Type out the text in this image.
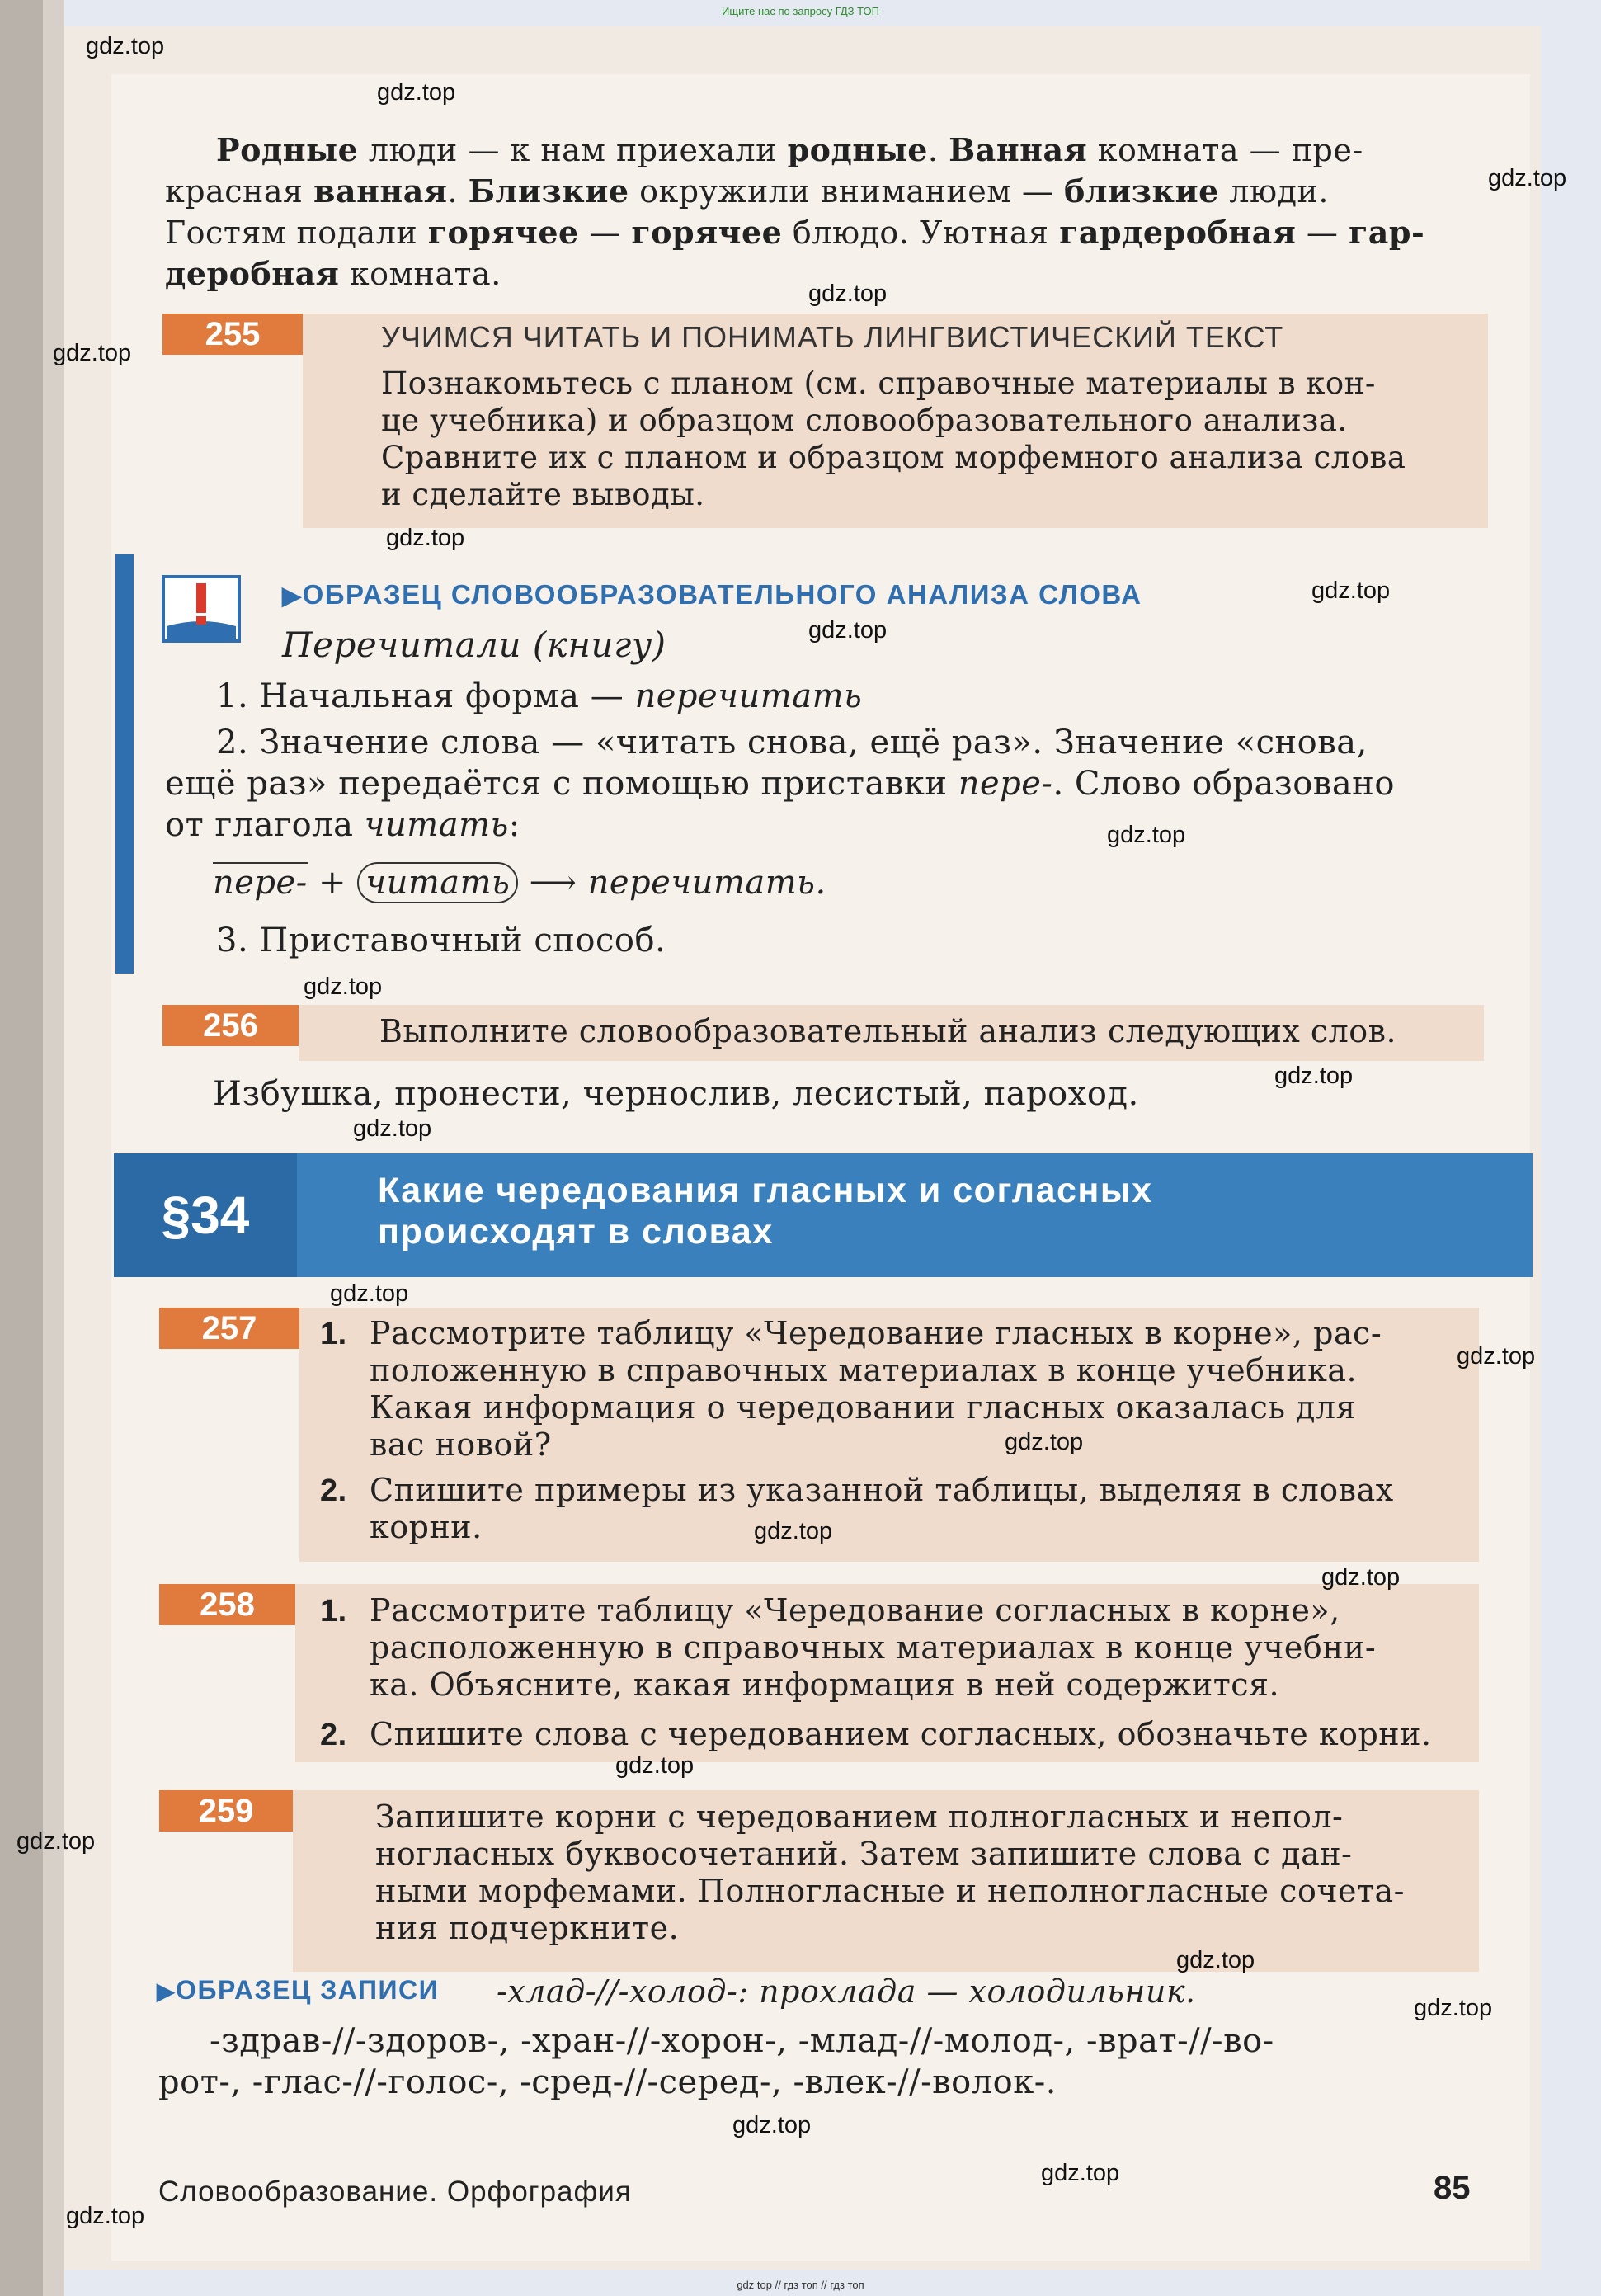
Ищите нас по запросу ГДЗ ТОП
Родные люди — к нам приехали родные. Ванная комната — пре-
красная ванная. Близкие окружили вниманием — близкие люди.
Гостям подали горячее — горячее блюдо. Уютная гардеробная — гар-
деробная комната.
255	УЧИМСЯ ЧИТАТЬ И ПОНИМАТЬ ЛИНГВИСТИЧЕСКИЙ ТЕКСТ
Познакомьтесь с планом (см. справочные материалы в кон-
це учебника) и образцом словообразовательного анализа.
Сравните их с планом и образцом морфемного анализа слова
и сделайте выводы.
▶ОБРАЗЕЦ СЛОВООБРАЗОВАТЕЛЬНОГО АНАЛИЗА СЛОВА
Перечитали (книгу)
1. Начальная форма — перечитать
2. Значение слова — «читать снова, ещё раз». Значение «снова,
ещё раз» передаётся с помощью приставки пере-. Слово образовано
от глагола читать:
пере- + читать ⟶ перечитать.
3. Приставочный способ.
256	Выполните словообразовательный анализ следующих слов.
Избушка, пронести, чернослив, лесистый, пароход.
§34	Какие чередования гласных и согласных
происходят в словах
257	1. Рассмотрите таблицу «Чередование гласных в корне», рас-
положенную в справочных материалах в конце учебника.
Какая информация о чередовании гласных оказалась для
вас новой?
2. Спишите примеры из указанной таблицы, выделяя в словах
корни.
258	1. Рассмотрите таблицу «Чередование согласных в корне»,
расположенную в справочных материалах в конце учебни-
ка. Объясните, какая информация в ней содержится.
2. Спишите слова с чередованием согласных, обозначьте корни.
259	Запишите корни с чередованием полногласных и непол-
ногласных буквосочетаний. Затем запишите слова с дан-
ными морфемами. Полногласные и неполногласные сочета-
ния подчеркните.
▶ОБРАЗЕЦ ЗАПИСИ -хлад-//-холод-: прохлада — холодильник.
-здрав-//-здоров-, -хран-//-хорон-, -млад-//-молод-, -врат-//-во-
рот-, -глас-//-голос-, -сред-//-серед-, -влек-//-волок-.
Словообразование. Орфография	85
gdz.top
gdz.top
gdz.top
gdz.top
gdz.top
gdz.top
gdz.top
gdz.top
gdz.top
gdz.top
gdz.top
gdz.top
gdz.top
gdz.top
gdz.top
gdz.top
gdz.top
gdz.top
gdz.top
gdz.top
gdz.top
gdz.top
gdz.top
gdz.top
gdz top // гдз топ // гдз топ
